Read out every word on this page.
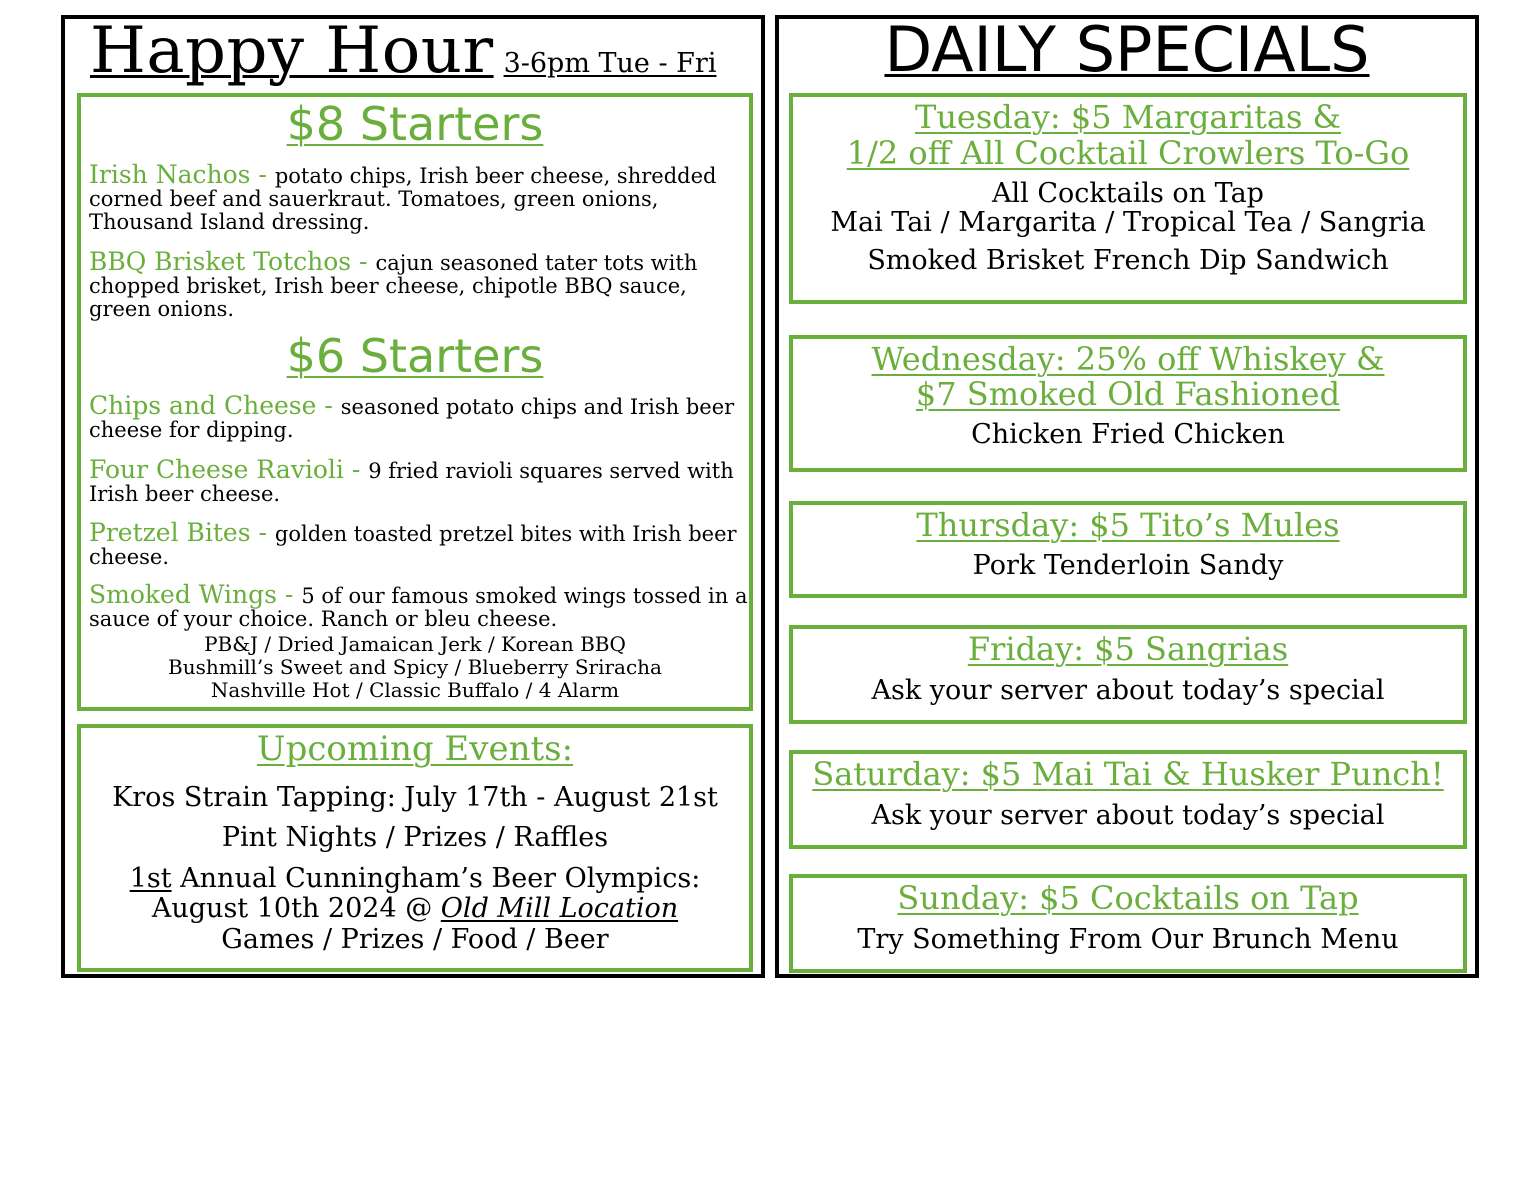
Happy Hour 3-6pm Tue - Fri
$8 Starters
Irish Nachos - potato chips, Irish beer cheese, shredded corned beef and sauerkraut. Tomatoes, green onions, Thousand Island dressing.
BBQ Brisket Totchos - cajun seasoned tater tots with chopped brisket, Irish beer cheese, chipotle BBQ sauce, green onions.
$6 Starters
Chips and Cheese - seasoned potato chips and Irish beer cheese for dipping.
Four Cheese Ravioli - 9 fried ravioli squares served with Irish beer cheese.
Pretzel Bites - golden toasted pretzel bites with Irish beer cheese.
Smoked Wings - 5 of our famous smoked wings tossed in a sauce of your choice. Ranch or bleu cheese.
PB&J / Dried Jamaican Jerk / Korean BBQ
Bushmill’s Sweet and Spicy / Blueberry Sriracha
Nashville Hot / Classic Buffalo / 4 Alarm
Upcoming Events:
Kros Strain Tapping: July 17th - August 21st
Pint Nights / Prizes / Raffles
1st Annual Cunningham’s Beer Olympics:
August 10th 2024 @ Old Mill Location
Games / Prizes / Food / Beer
DAILY SPECIALS
Tuesday: $5 Margaritas &
1/2 off All Cocktail Crowlers To-Go
All Cocktails on Tap
Mai Tai / Margarita / Tropical Tea / Sangria
Smoked Brisket French Dip Sandwich
Wednesday: 25% off Whiskey &
$7 Smoked Old Fashioned
Chicken Fried Chicken
Thursday: $5 Tito’s Mules
Pork Tenderloin Sandy
Friday: $5 Sangrias
Ask your server about today’s special
Saturday: $5 Mai Tai & Husker Punch!
Ask your server about today’s special
Sunday: $5 Cocktails on Tap
Try Something From Our Brunch Menu
